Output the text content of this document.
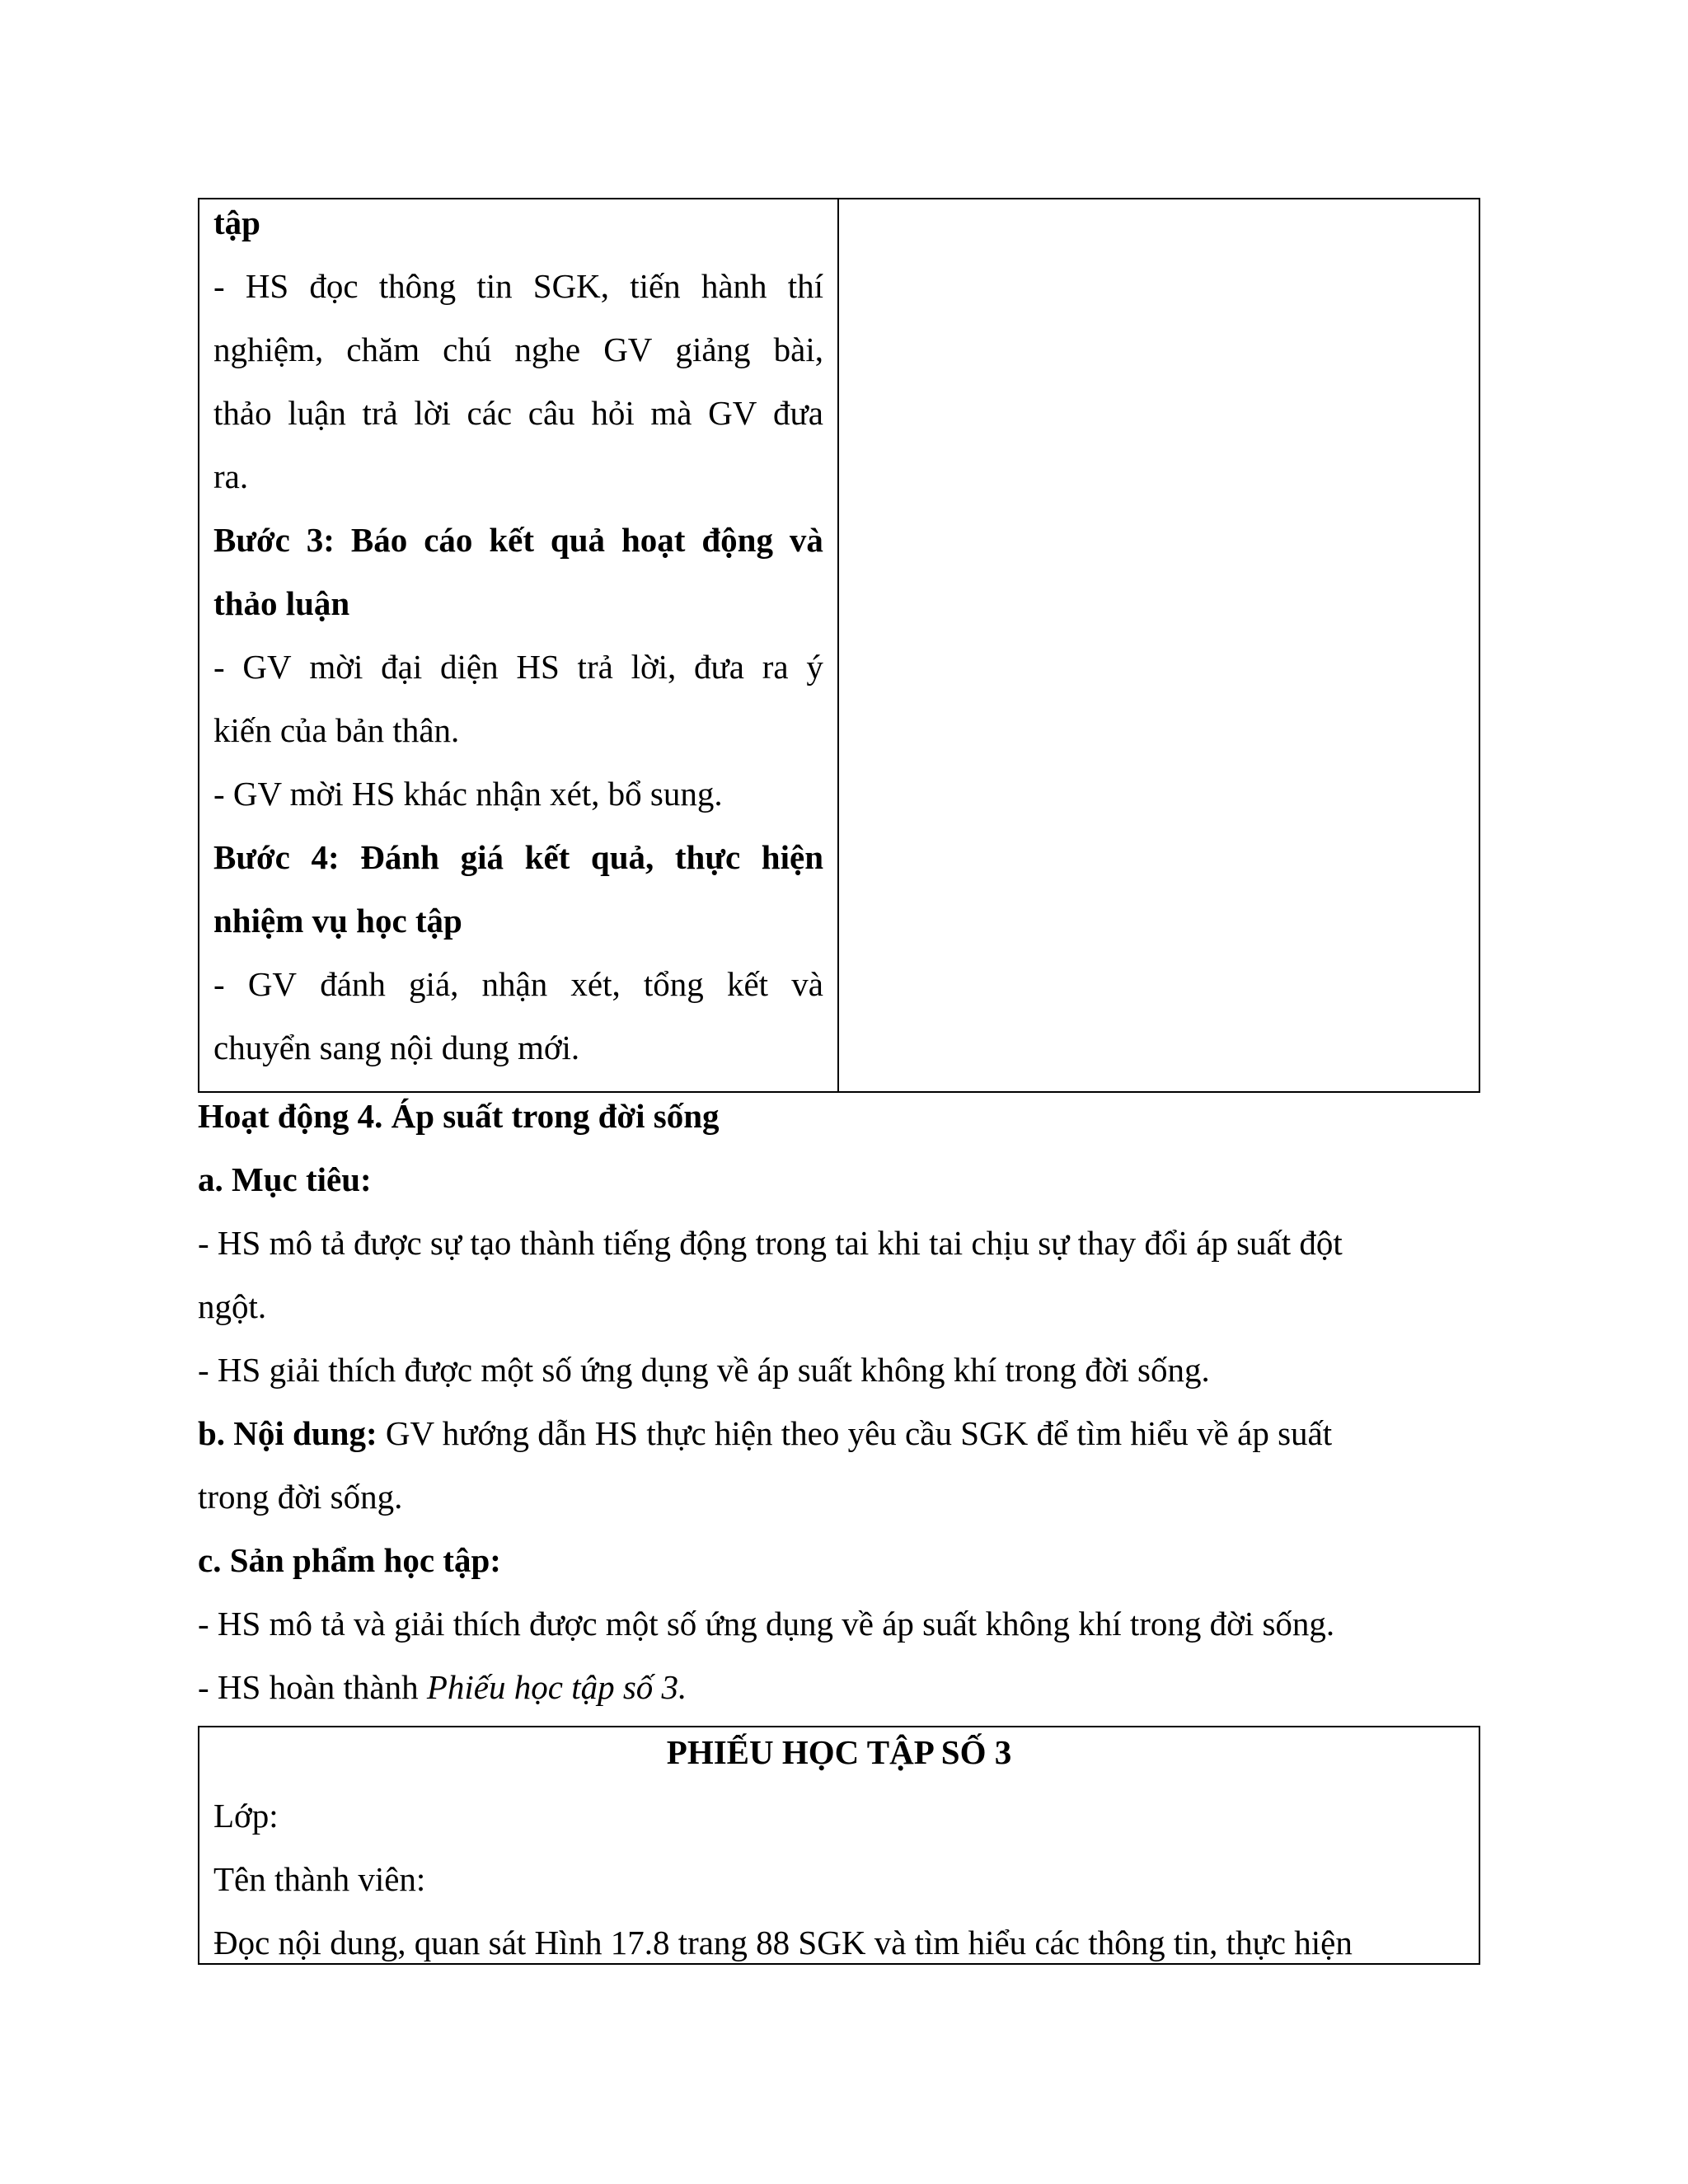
tập
- HS đọc thông tin SGK, tiến hành thí
nghiệm, chăm chú nghe GV giảng bài,
thảo luận trả lời các câu hỏi mà GV đưa
ra.
Bước 3: Báo cáo kết quả hoạt động và
thảo luận
- GV mời đại diện HS trả lời, đưa ra ý
kiến của bản thân.
- GV mời HS khác nhận xét, bổ sung.
Bước 4: Đánh giá kết quả, thực hiện
nhiệm vụ học tập
- GV đánh giá, nhận xét, tổng kết và
chuyển sang nội dung mới.
Hoạt động 4. Áp suất trong đời sống
a. Mục tiêu:
- HS mô tả được sự tạo thành tiếng động trong tai khi tai chịu sự thay đổi áp suất đột
ngột.
- HS giải thích được một số ứng dụng về áp suất không khí trong đời sống.
b. Nội dung: GV hướng dẫn HS thực hiện theo yêu cầu SGK để tìm hiểu về áp suất
trong đời sống.
c. Sản phẩm học tập:
- HS mô tả và giải thích được một số ứng dụng về áp suất không khí trong đời sống.
- HS hoàn thành Phiếu học tập số 3.
PHIẾU HỌC TẬP SỐ 3
Lớp:
Tên thành viên:
Đọc nội dung, quan sát Hình 17.8 trang 88 SGK và tìm hiểu các thông tin, thực hiện
